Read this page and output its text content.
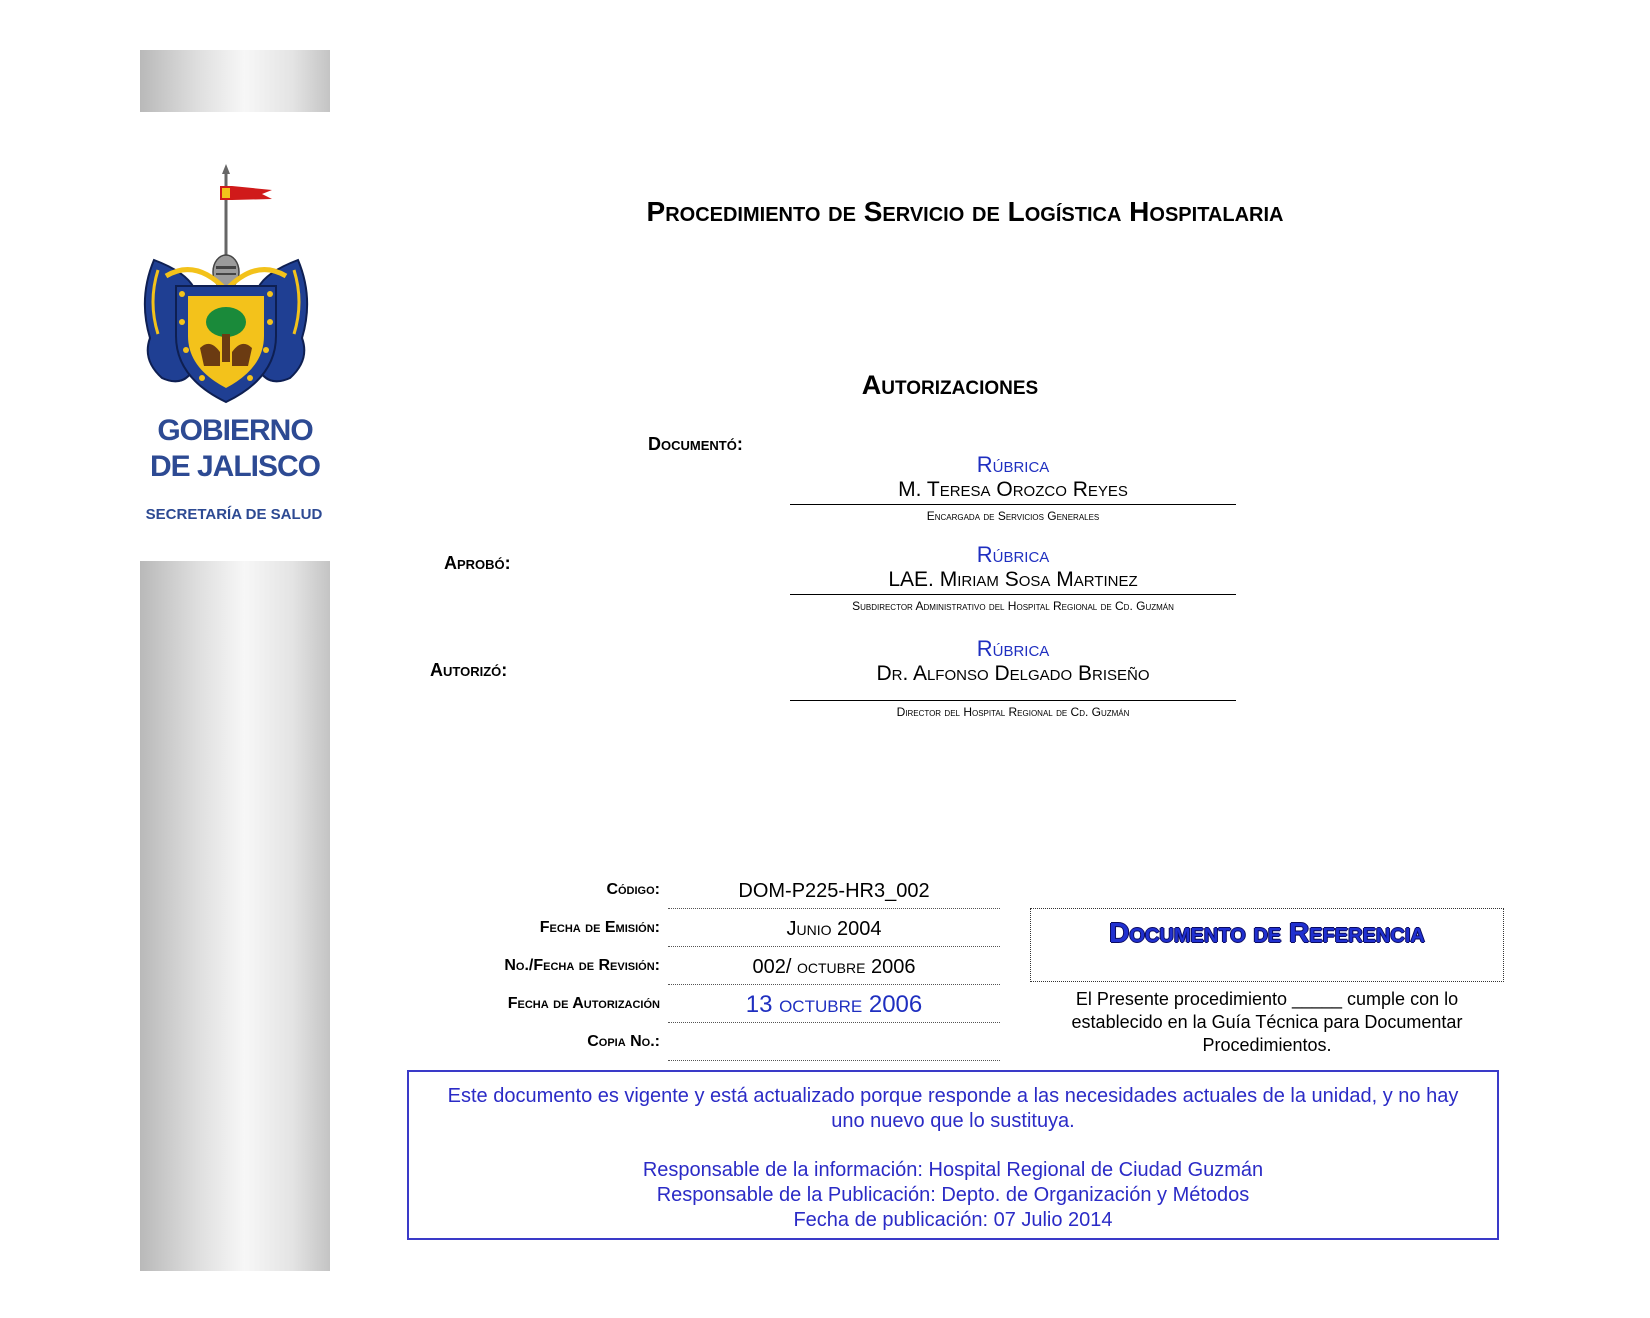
GOBIERNO
DE JALISCO
SECRETARÍA DE SALUD
Procedimiento de Servicio de Logística Hospitalaria
Autorizaciones
Documentó:
Rúbrica
M. Teresa Orozco Reyes
Encargada de Servicios Generales
Aprobó:	Rúbrica
LAE. Miriam Sosa Martinez
Subdirector Administrativo del Hospital Regional de Cd. Guzmán
Autorizó:
Rúbrica
Dr. Alfonso Delgado Briseño
Director del Hospital Regional de Cd. Guzmán
Código:	DOM-P225-HR3_002
Fecha de Emisión:	Junio 2004
No./Fecha de Revisión:	002/ octubre 2006
Fecha de Autorización	13 octubre 2006
Copia No.:
Documento de Referencia
El Presente procedimiento _____ cumple con lo establecido en la Guía Técnica para Documentar Procedimientos.
Este documento es vigente y está actualizado porque responde a las necesidades actuales de la unidad, y no hay uno nuevo que lo sustituya.
Responsable de la información: Hospital Regional de Ciudad Guzmán
Responsable de la Publicación: Depto. de Organización y Métodos
Fecha de publicación: 07 Julio 2014
